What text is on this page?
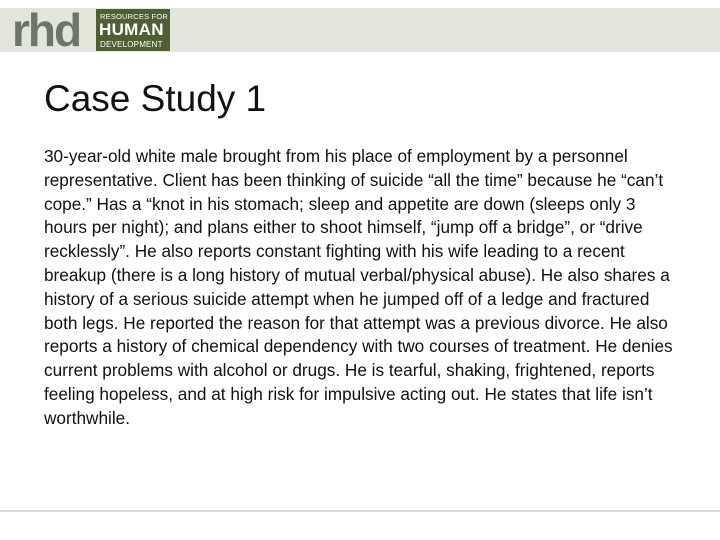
rhd	RESOURCES FOR
HUMAN
DEVELOPMENT
Case Study 1
30-year-old white male brought from his place of employment by a personnel representative. Client has been thinking of suicide “all the time” because he “can’t cope.” Has a “knot in his stomach; sleep and appetite are down (sleeps only 3 hours per night); and plans either to shoot himself, “jump off a bridge”, or “drive recklessly”. He also reports constant fighting with his wife leading to a recent breakup (there is a long history of mutual verbal/physical abuse). He also shares a history of a serious suicide attempt when he jumped off of a ledge and fractured both legs. He reported the reason for that attempt was a previous divorce. He also reports a history of chemical dependency with two courses of treatment. He denies current problems with alcohol or drugs. He is tearful, shaking, frightened, reports feeling hopeless, and at high risk for impulsive acting out. He states that life isn’t worthwhile.
